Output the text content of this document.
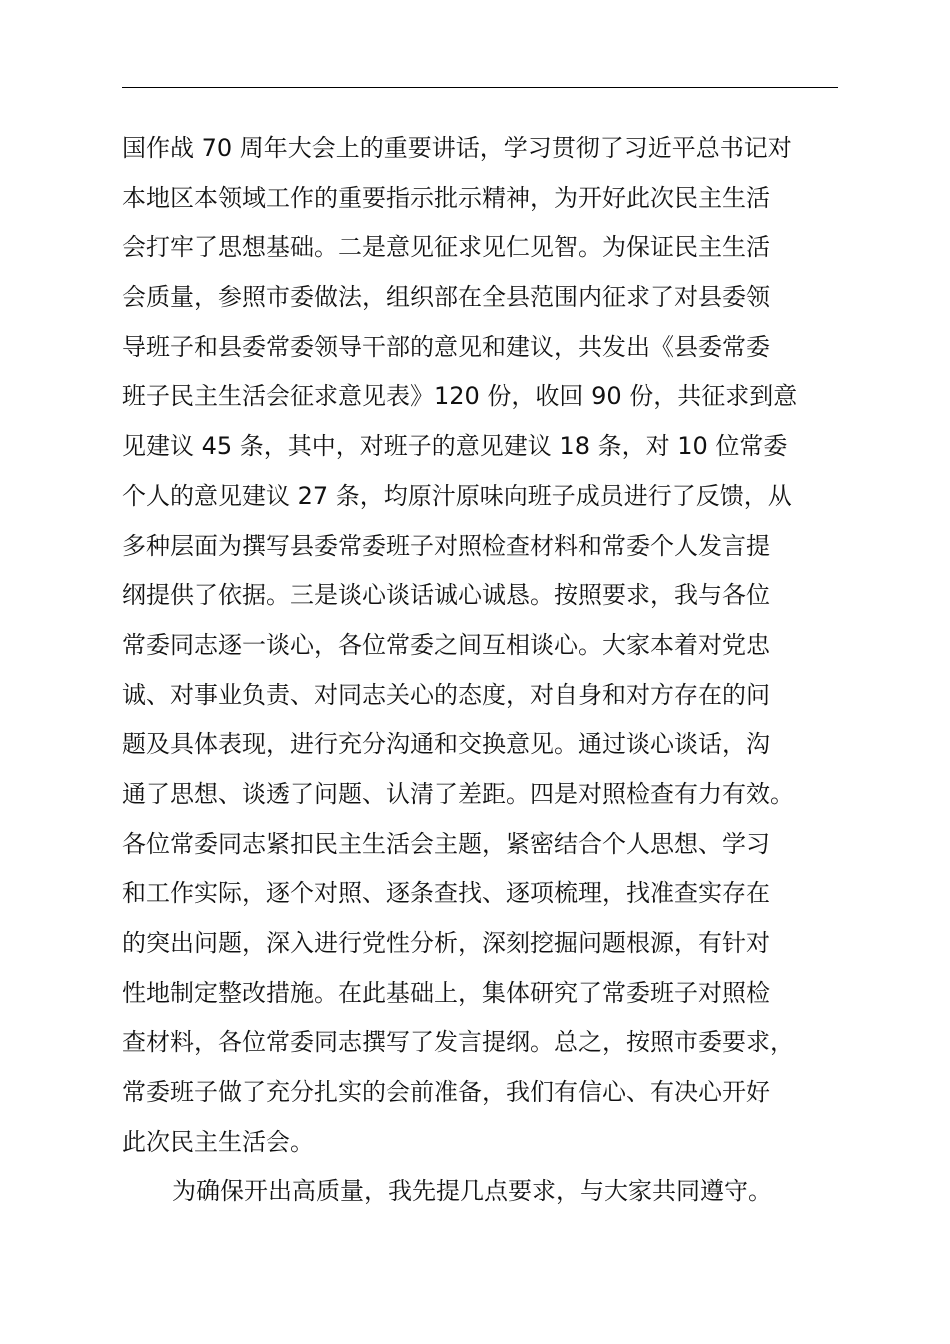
国作战 70 周年大会上的重要讲话，学习贯彻了习近平总书记对
本地区本领域工作的重要指示批示精神，为开好此次民主生活
会打牢了思想基础。二是意见征求见仁见智。为保证民主生活
会质量，参照市委做法，组织部在全县范围内征求了对县委领
导班子和县委常委领导干部的意见和建议，共发出《县委常委
班子民主生活会征求意见表》120 份，收回 90 份，共征求到意
见建议 45 条，其中，对班子的意见建议 18 条，对 10 位常委
个人的意见建议 27 条，均原汁原味向班子成员进行了反馈，从
多种层面为撰写县委常委班子对照检查材料和常委个人发言提
纲提供了依据。三是谈心谈话诚心诚恳。按照要求，我与各位
常委同志逐一谈心，各位常委之间互相谈心。大家本着对党忠
诚、对事业负责、对同志关心的态度，对自身和对方存在的问
题及具体表现，进行充分沟通和交换意见。通过谈心谈话，沟
通了思想、谈透了问题、认清了差距。四是对照检查有力有效。
各位常委同志紧扣民主生活会主题，紧密结合个人思想、学习
和工作实际，逐个对照、逐条查找、逐项梳理，找准查实存在
的突出问题，深入进行党性分析，深刻挖掘问题根源，有针对
性地制定整改措施。在此基础上，集体研究了常委班子对照检
查材料，各位常委同志撰写了发言提纲。总之，按照市委要求，
常委班子做了充分扎实的会前准备，我们有信心、有决心开好
此次民主生活会。
为确保开出高质量，我先提几点要求，与大家共同遵守。
